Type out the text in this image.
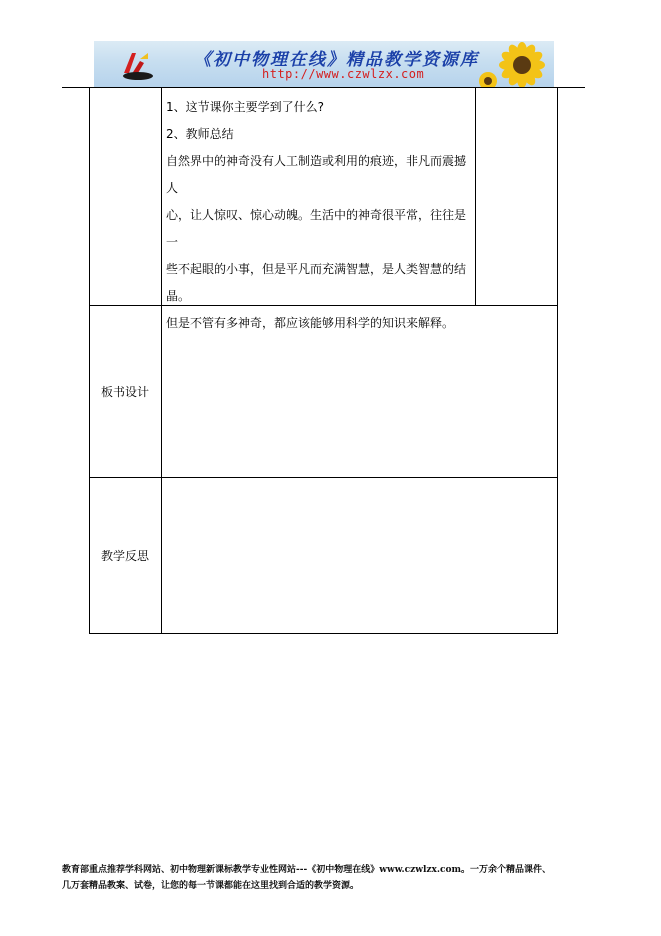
《初中物理在线》精品教学资源库
http://www.czwlzx.com

1、这节课你主要学到了什么?

2、教师总结

自然界中的神奇没有人工制造或利用的痕迹，非凡而震撼人

心，让人惊叹、惊心动魄。生活中的神奇很平常，往往是一

些不起眼的小事，但是平凡而充满智慧，是人类智慧的结晶。

但是不管有多神奇，都应该能够用科学的知识来解释。

板书设计
教学反思

教育部重点推荐学科网站、初中物理新课标教学专业性网站---《初中物理在线》www.czwlzx.com。一万余个精品课件、

几万套精品教案、试卷，让您的每一节课都能在这里找到合适的教学资源。
